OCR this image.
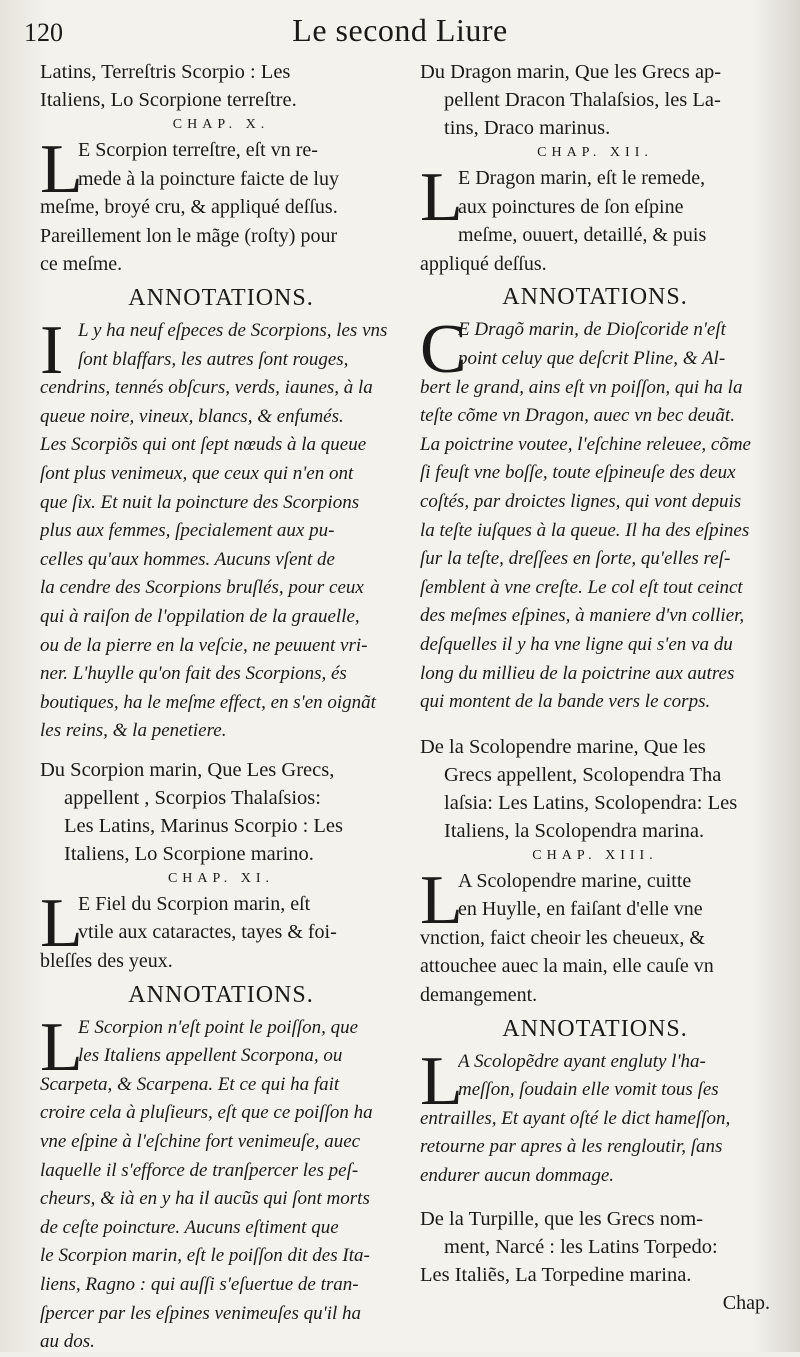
120	Le second Liure
Latins, Terreſtris Scorpio : Les
Italiens, Lo Scorpione terreſtre.
CHAP. X.
L
E Scorpion terreſtre, eſt vn re-
mede à la poincture faicte de luy
meſme, broyé cru, & appliqué deſſus.
Pareillement lon le mãge (roſty) pour
ce meſme.
ANNOTATIONS.
I L y ha neuf eſpeces de Scorpions, les vns
ſont blaffars, les autres ſont rouges,
cendrins, tennés obſcurs, verds, iaunes, à la
queue noire, vineux, blancs, & enfumés.
Les Scorpiõs qui ont ſept nœuds à la queue
ſont plus venimeux, que ceux qui n'en ont
que ſix. Et nuit la poincture des Scorpions
plus aux femmes, ſpecialement aux pu-
celles qu'aux hommes. Aucuns vſent de
la cendre des Scorpions bruſlés, pour ceux
qui à raiſon de l'oppilation de la grauelle,
ou de la pierre en la veſcie, ne peuuent vri-
ner. L'huylle qu'on fait des Scorpions, és
boutiques, ha le meſme effect, en s'en oignãt
les reins, & la penetiere.
Du Scorpion marin, Que Les Grecs,
appellent , Scorpios Thalaſsios:
Les Latins, Marinus Scorpio : Les
Italiens, Lo Scorpione marino.
CHAP. XI.
L
E Fiel du Scorpion marin, eſt
vtile aux cataractes, tayes & foi-
bleſſes des yeux.
ANNOTATIONS.
L
E Scorpion n'eſt point le poiſſon, que
les Italiens appellent Scorpona, ou
Scarpeta, & Scarpena. Et ce qui ha fait
croire cela à pluſieurs, eſt que ce poiſſon ha
vne eſpine à l'eſchine fort venimeuſe, auec
laquelle il s'efforce de tranſpercer les peſ-
cheurs, & ià en y ha il aucũs qui ſont morts
de ceſte poincture. Aucuns eſtiment que
le Scorpion marin, eſt le poiſſon dit des Ita-
liens, Ragno : qui auſſi s'eſuertue de tran-
ſpercer par les eſpines venimeuſes qu'il ha
au dos.
Du Dragon marin, Que les Grecs ap-
pellent Dracon Thalaſsios, les La-
tins, Draco marinus.
CHAP. XII.
L
E Dragon marin, eſt le remede,
aux poinctures de ſon eſpine
meſme, ouuert, detaillé, & puis
appliqué deſſus.
ANNOTATIONS.
C
E Dragõ marin, de Dioſcoride n'eſt
point celuy que deſcrit Pline, & Al-
bert le grand, ains eſt vn poiſſon, qui ha la
teſte cõme vn Dragon, auec vn bec deuãt.
La poictrine voutee, l'eſchine releuee, cõme
ſi feuſt vne boſſe, toute eſpineuſe des deux
coſtés, par droictes lignes, qui vont depuis
la teſte iuſques à la queue. Il ha des eſpines
ſur la teſte, dreſſees en ſorte, qu'elles reſ-
ſemblent à vne creſte. Le col eſt tout ceinct
des meſmes eſpines, à maniere d'vn collier,
deſquelles il y ha vne ligne qui s'en va du
long du millieu de la poictrine aux autres
qui montent de la bande vers le corps.
De la Scolopendre marine, Que les
Grecs appellent, Scolopendra Tha
laſsia: Les Latins, Scolopendra: Les
Italiens, la Scolopendra marina.
CHAP. XIII.
L
A Scolopendre marine, cuitte
en Huylle, en faiſant d'elle vne
vnction, faict cheoir les cheueux, &
attouchee auec la main, elle cauſe vn
demangement.
ANNOTATIONS.
L
A Scolopẽdre ayant engluty l'ha-
meſſon, ſoudain elle vomit tous ſes
entrailles, Et ayant oſté le dict hameſſon,
retourne par apres à les rengloutir, ſans
endurer aucun dommage.
De la Turpille, que les Grecs nom-
ment, Narcé : les Latins Torpedo:
Les Italiẽs, La Torpedine marina.
Chap.
